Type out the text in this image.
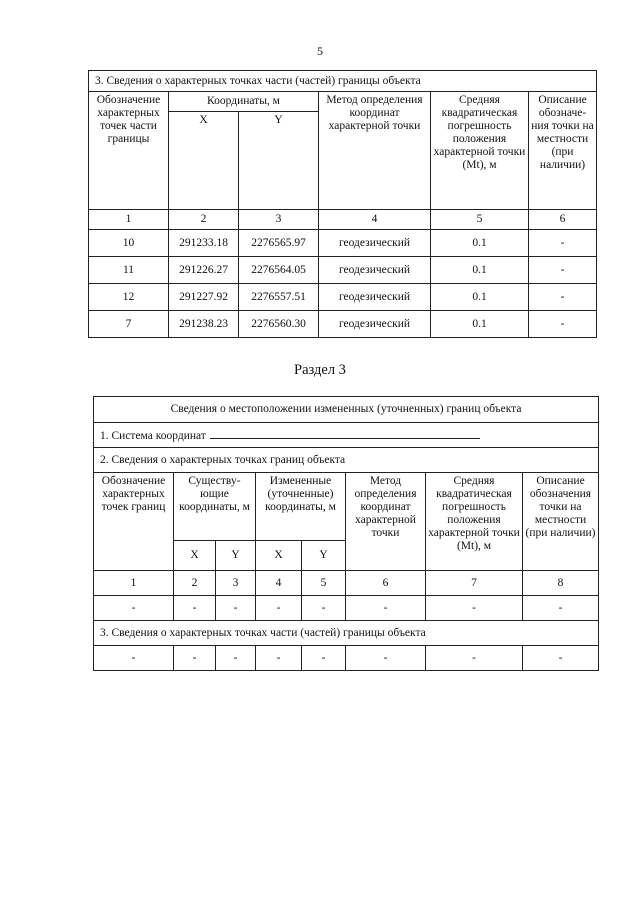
5
3. Сведения о характерных точках части (частей) границы объекта					
Обозначение характерных точек части границы	Координаты, м		Метод определения координат характерной точки	Средняя квадратическая погрешность положения характерной точки (Mt), м	Описание обозначе-ния точки на местности (при наличии)
	X	Y			
1	2	3	4	5	6
10	291233.18	2276565.97	геодезический	0.1	-
11	291226.27	2276564.05	геодезический	0.1	-
12	291227.92	2276557.51	геодезический	0.1	-
7	291238.23	2276560.30	геодезический	0.1	-
Раздел 3
Сведения о местоположении измененных (уточненных) границ объекта							
1. Система координат							
2. Сведения о характерных точках границ объекта							
Обозначение характерных точек границ	Существу-ющие координаты, м		Измененные (уточненные) координаты, м		Метод определения координат характерной точки	Средняя квадратическая погрешность положения характерной точки (Mt), м	Описание обозначения точки на местности (при наличии)
	X	Y	X	Y			
1	2	3	4	5	6	7	8
-	-	-	-	-	-	-	-
3. Сведения о характерных точках части (частей) границы объекта							
-	-	-	-	-	-	-	-
